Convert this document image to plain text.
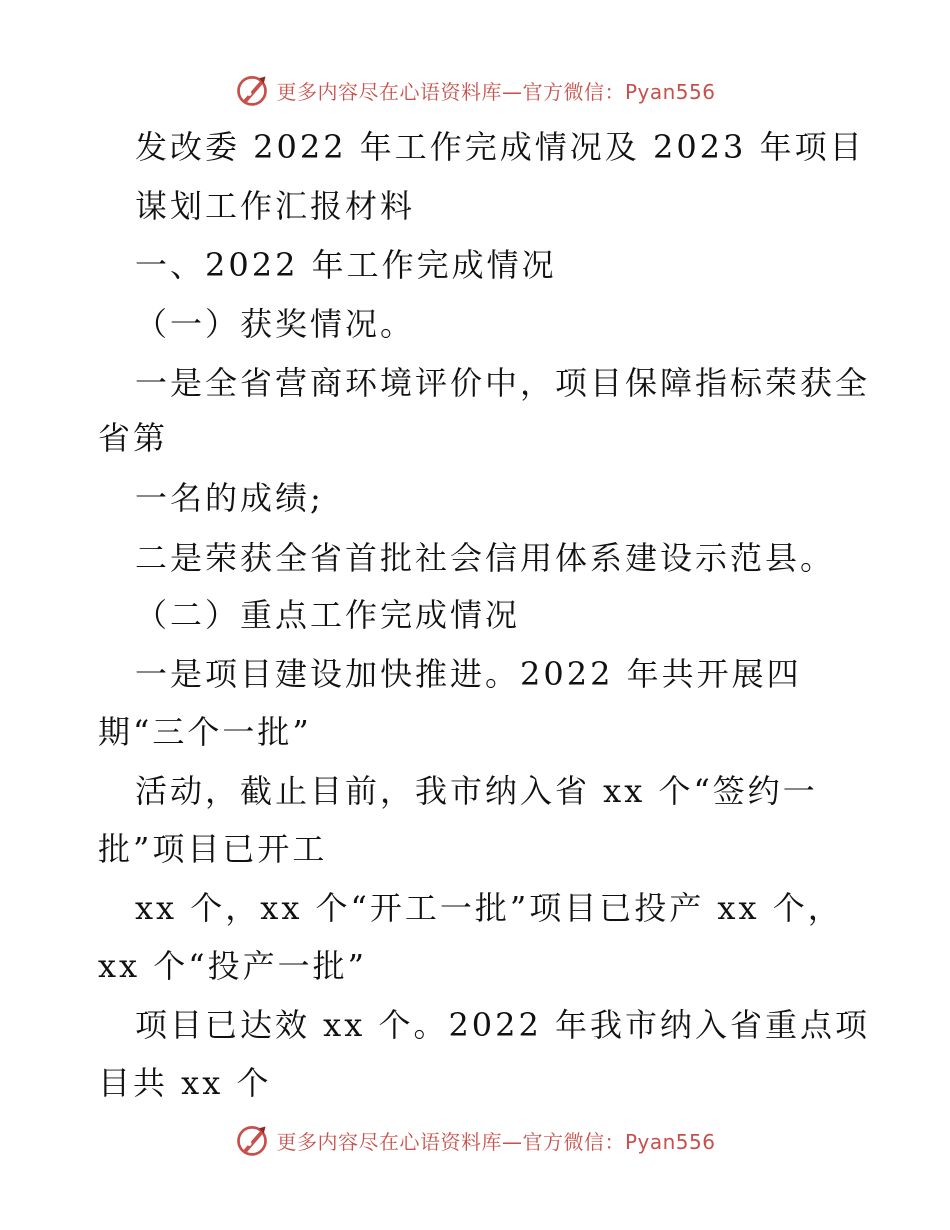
更多内容尽在心语资料库—官方微信：Pyan556

发改委 2022 年工作完成情况及 2023 年项目

谋划工作汇报材料

一、2022 年工作完成情况

（一）获奖情况。

一是全省营商环境评价中，项目保障指标荣获全

省第

一名的成绩;

二是荣获全省首批社会信用体系建设示范县。

（二）重点工作完成情况

一是项目建设加快推进。2022 年共开展四

期“三个一批”

活动，截止目前，我市纳入省 xx 个“签约一

批”项目已开工

xx 个，xx 个“开工一批”项目已投产 xx 个，

xx 个“投产一批”

项目已达效 xx 个。2022 年我市纳入省重点项

目共 xx 个

更多内容尽在心语资料库—官方微信：Pyan556
